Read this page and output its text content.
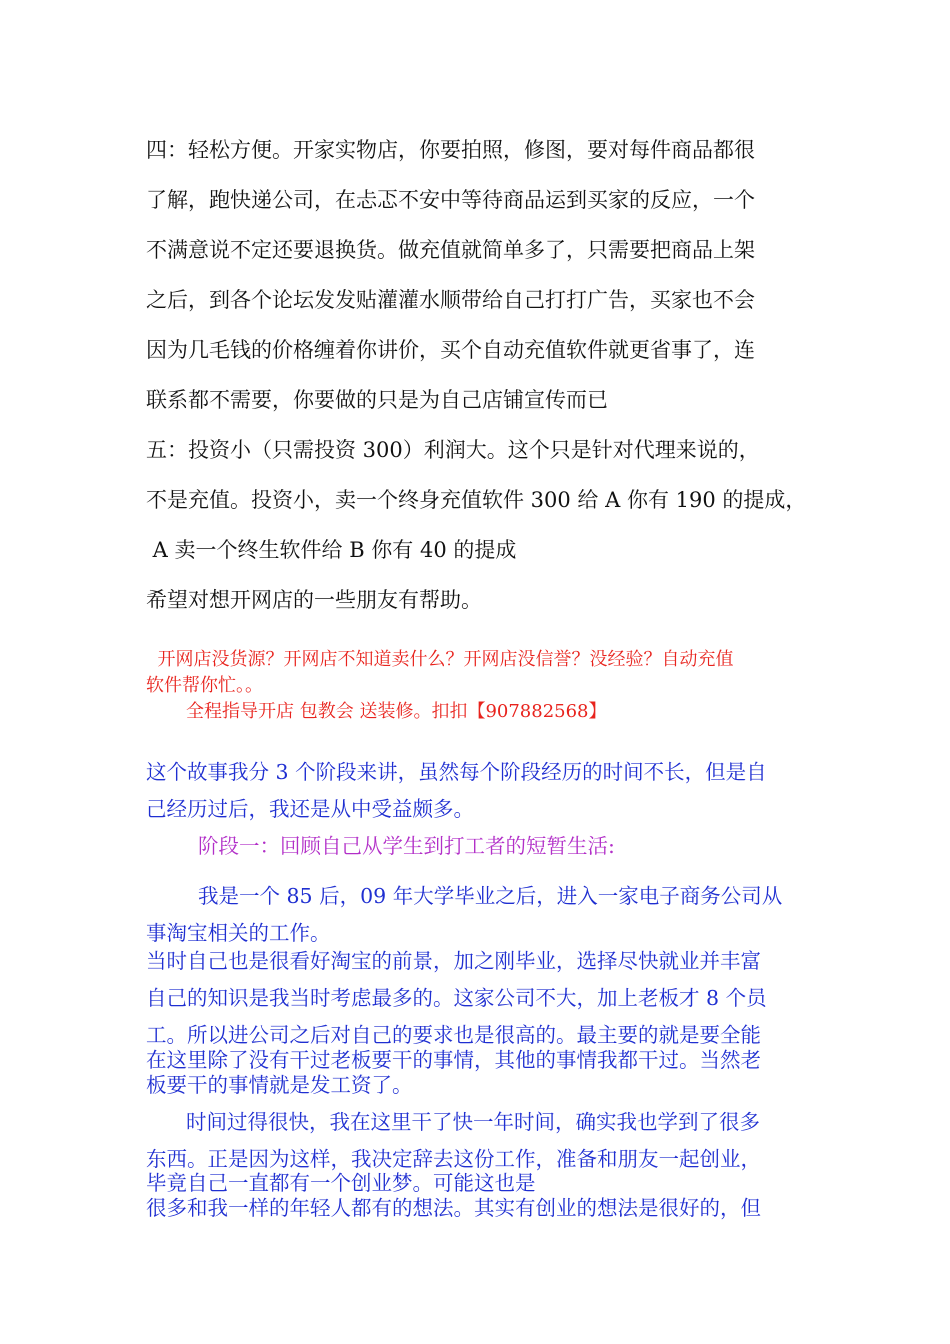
四：轻松方便。开家实物店，你要拍照，修图，要对每件商品都很
了解，跑快递公司，在忐忑不安中等待商品运到买家的反应，一个
不满意说不定还要退换货。做充值就简单多了，只需要把商品上架
之后，到各个论坛发发贴灌灌水顺带给自己打打广告，买家也不会
因为几毛钱的价格缠着你讲价，买个自动充值软件就更省事了，连
联系都不需要，你要做的只是为自己店铺宣传而已
五：投资小（只需投资 300）利润大。这个只是针对代理来说的，
不是充值。投资小，卖一个终身充值软件 300 给 A 你有 190 的提成，
A 卖一个终生软件给 B 你有 40 的提成
希望对想开网店的一些朋友有帮助。
开网店没货源？开网店不知道卖什么？开网店没信誉？没经验？自动充值
软件帮你忙。。
全程指导开店 包教会 送装修。扣扣【907882568】
这个故事我分 3 个阶段来讲，虽然每个阶段经历的时间不长，但是自
己经历过后，我还是从中受益颇多。
阶段一：回顾自己从学生到打工者的短暂生活:
我是一个 85 后，09 年大学毕业之后，进入一家电子商务公司从
事淘宝相关的工作。
当时自己也是很看好淘宝的前景，加之刚毕业，选择尽快就业并丰富
自己的知识是我当时考虑最多的。这家公司不大，加上老板才 8 个员
工。所以进公司之后对自己的要求也是很高的。最主要的就是要全能
在这里除了没有干过老板要干的事情，其他的事情我都干过。当然老
板要干的事情就是发工资了。
时间过得很快，我在这里干了快一年时间，确实我也学到了很多
东西。正是因为这样，我决定辞去这份工作，准备和朋友一起创业，
毕竟自己一直都有一个创业梦。可能这也是
很多和我一样的年轻人都有的想法。其实有创业的想法是很好的，但
